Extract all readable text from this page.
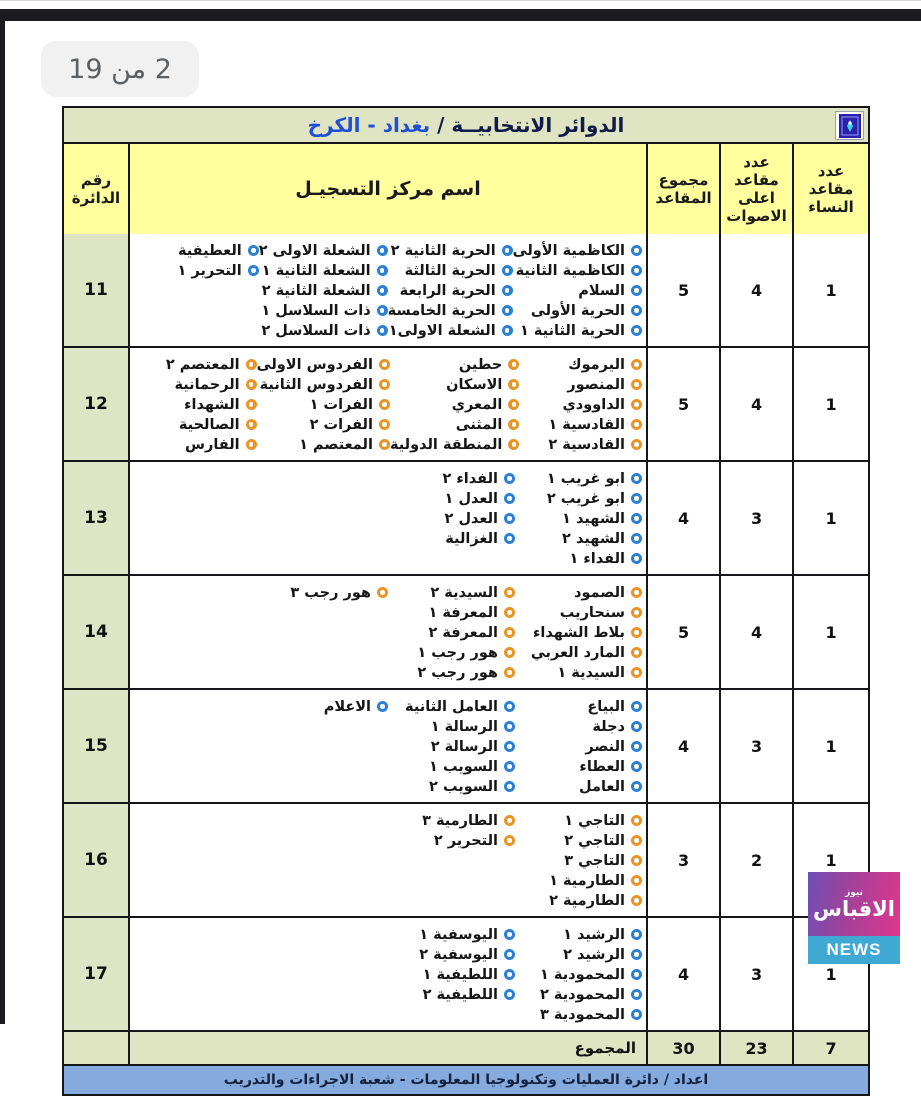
2 من 19
الدوائر الانتخابيــة / بغداد - الكرخ
عدد
مقاعد
النساء
عدد
مقاعد
اعلى
الاصوات
مجموع
المقاعد
اسم مركز التسجيـل
رقم
الدائرة
1
4
5
الكاظمية الأولى
الكاظمية الثانية
السلام
الحرية الأولى
الحرية الثانية ١
الحرية الثانية ٢
الحرية الثالثة
الحرية الرابعة
الحرية الخامسة
الشعلة الاولى١
الشعلة الاولى ٢
الشعلة الثانية ١
الشعلة الثانية ٢
ذات السلاسل ١
ذات السلاسل ٢
العطيفية
التحرير ١
11
1
4
5
اليرموك
المنصور
الداوودي
القادسية ١
القادسية ٢
حطين
الاسكان
المعري
المثنى
المنطقة الدولية
الفردوس الاولى
الفردوس الثانية
الفرات ١
الفرات ٢
المعتصم ١
المعتصم ٢
الرحمانية
الشهداء
الصالحية
الفارس
12
1
3
4
ابو غريب ١
ابو غريب ٢
الشهيد ١
الشهيد ٢
الفداء ١
الفداء ٢
العدل ١
العدل ٢
الغزالية
13
1
4
5
الصمود
سنحاريب
بلاط الشهداء
المارد العربي
السيدية ١
السيدية ٢
المعرفة ١
المعرفة ٢
هور رجب ١
هور رجب ٢
هور رجب ٣
14
1
3
4
البياع
دجلة
النصر
العطاء
العامل
العامل الثانية
الرسالة ١
الرسالة ٢
السويب ١
السويب ٢
الاعلام
15
1
2
3
التاجي ١
التاجي ٢
التاجي ٣
الطارمية ١
الطارمية ٢
الطارمية ٣
التحرير ٢
16
1
3
4
الرشيد ١
الرشيد ٢
المحمودية ١
المحمودية ٢
المحمودية ٣
اليوسفية ١
اليوسفية ٢
اللطيفية ١
اللطيفية ٢
17
7
23
30
المجموع
اعداد / دائرة العمليات وتكنولوجيا المعلومات - شعبة الاجراءات والتدريب
نيوز
الاقباس
NEWS
